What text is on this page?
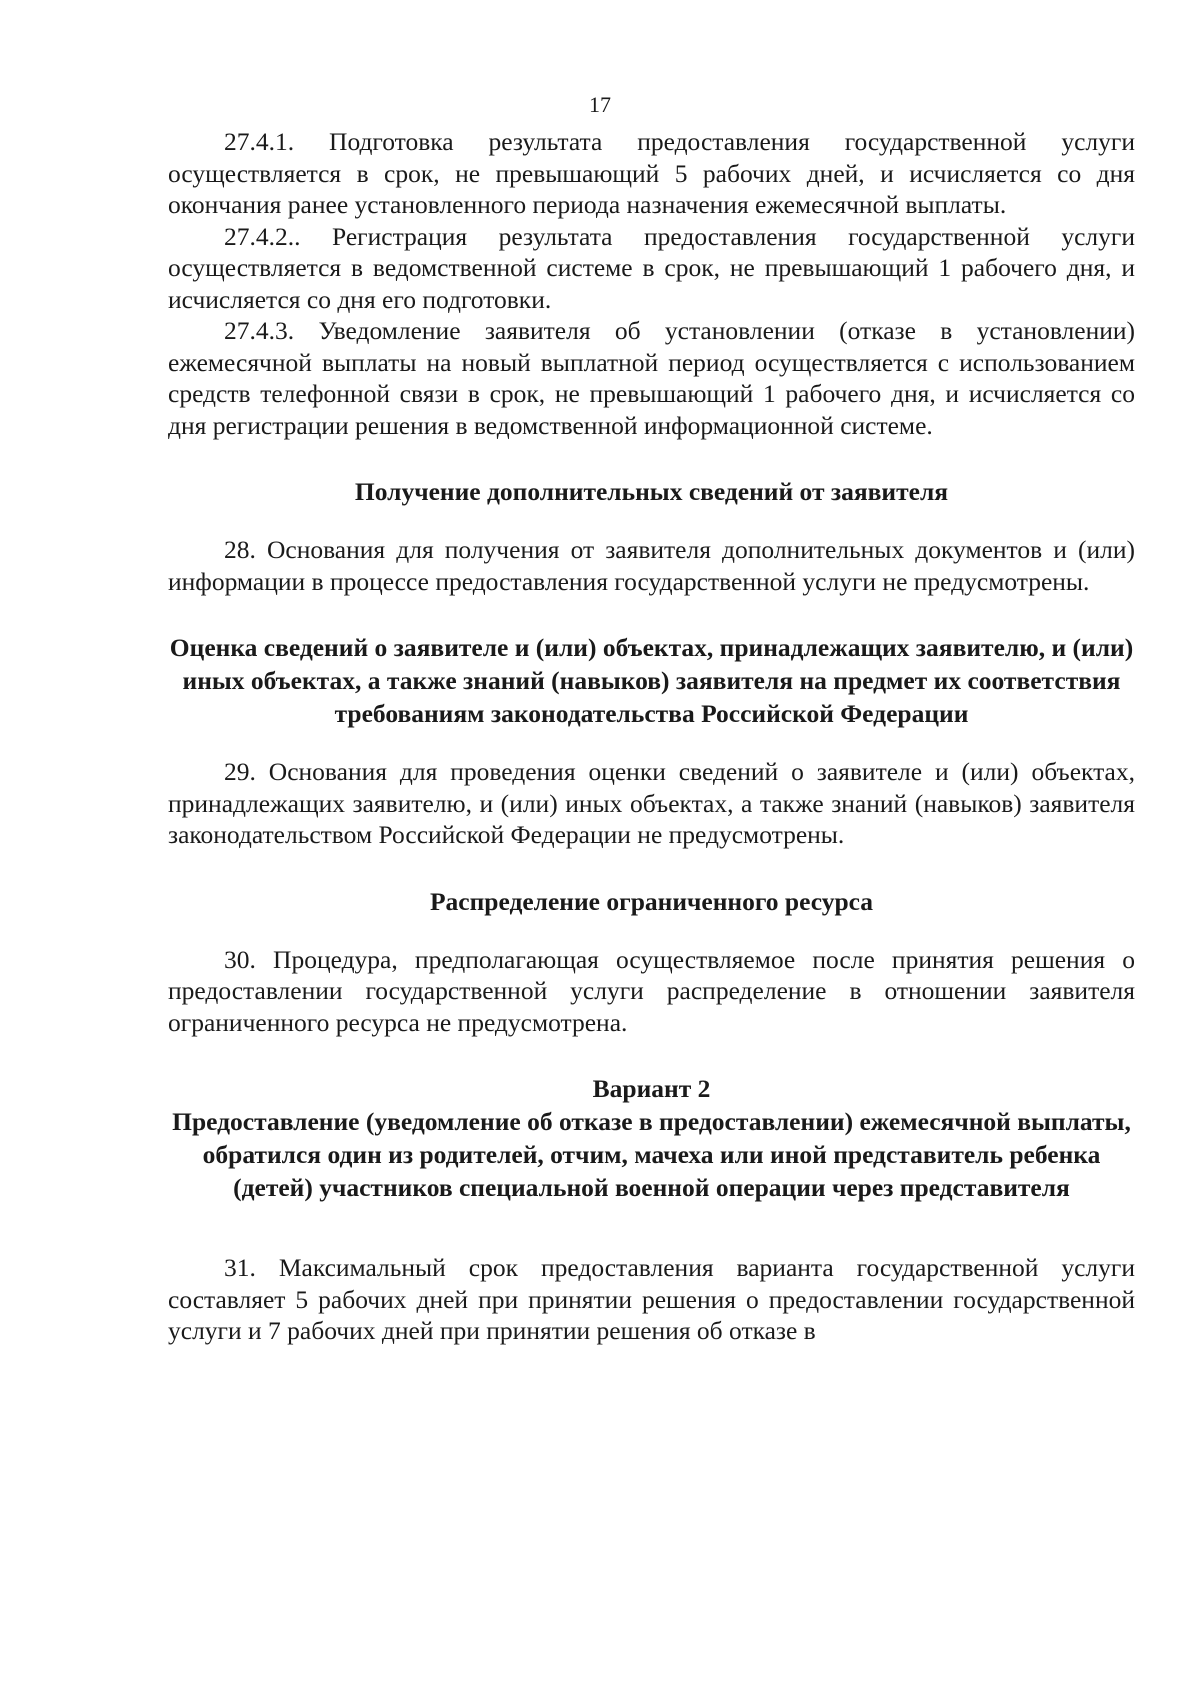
17

27.4.1. Подготовка результата предоставления государственной услуги осуществляется в срок, не превышающий 5 рабочих дней, и исчисляется со дня окончания ранее установленного периода назначения ежемесячной выплаты.

27.4.2.. Регистрация результата предоставления государственной услуги осуществляется в ведомственной системе в срок, не превышающий 1 рабочего дня, и исчисляется со дня его подготовки.

27.4.3. Уведомление заявителя об установлении (отказе в установлении) ежемесячной выплаты на новый выплатной период осуществляется с использованием средств телефонной связи в срок, не превышающий 1 рабочего дня, и исчисляется со дня регистрации решения в ведомственной информационной системе.

Получение дополнительных сведений от заявителя

28. Основания для получения от заявителя дополнительных документов и (или) информации в процессе предоставления государственной услуги не предусмотрены.

Оценка сведений о заявителе и (или) объектах, принадлежащих заявителю, и (или) иных объектах, а также знаний (навыков) заявителя на предмет их соответствия требованиям законодательства Российской Федерации

29. Основания для проведения оценки сведений о заявителе и (или) объектах, принадлежащих заявителю, и (или) иных объектах, а также знаний (навыков) заявителя законодательством Российской Федерации не предусмотрены.

Распределение ограниченного ресурса

30. Процедура, предполагающая осуществляемое после принятия решения о предоставлении государственной услуги распределение в отношении заявителя ограниченного ресурса не предусмотрена.

Вариант 2
Предоставление (уведомление об отказе в предоставлении) ежемесячной выплаты, обратился один из родителей, отчим, мачеха или иной представитель ребенка (детей) участников специальной военной операции через представителя

31. Максимальный срок предоставления варианта государственной услуги составляет 5 рабочих дней при принятии решения о предоставлении государственной услуги и 7 рабочих дней при принятии решения об отказе в
